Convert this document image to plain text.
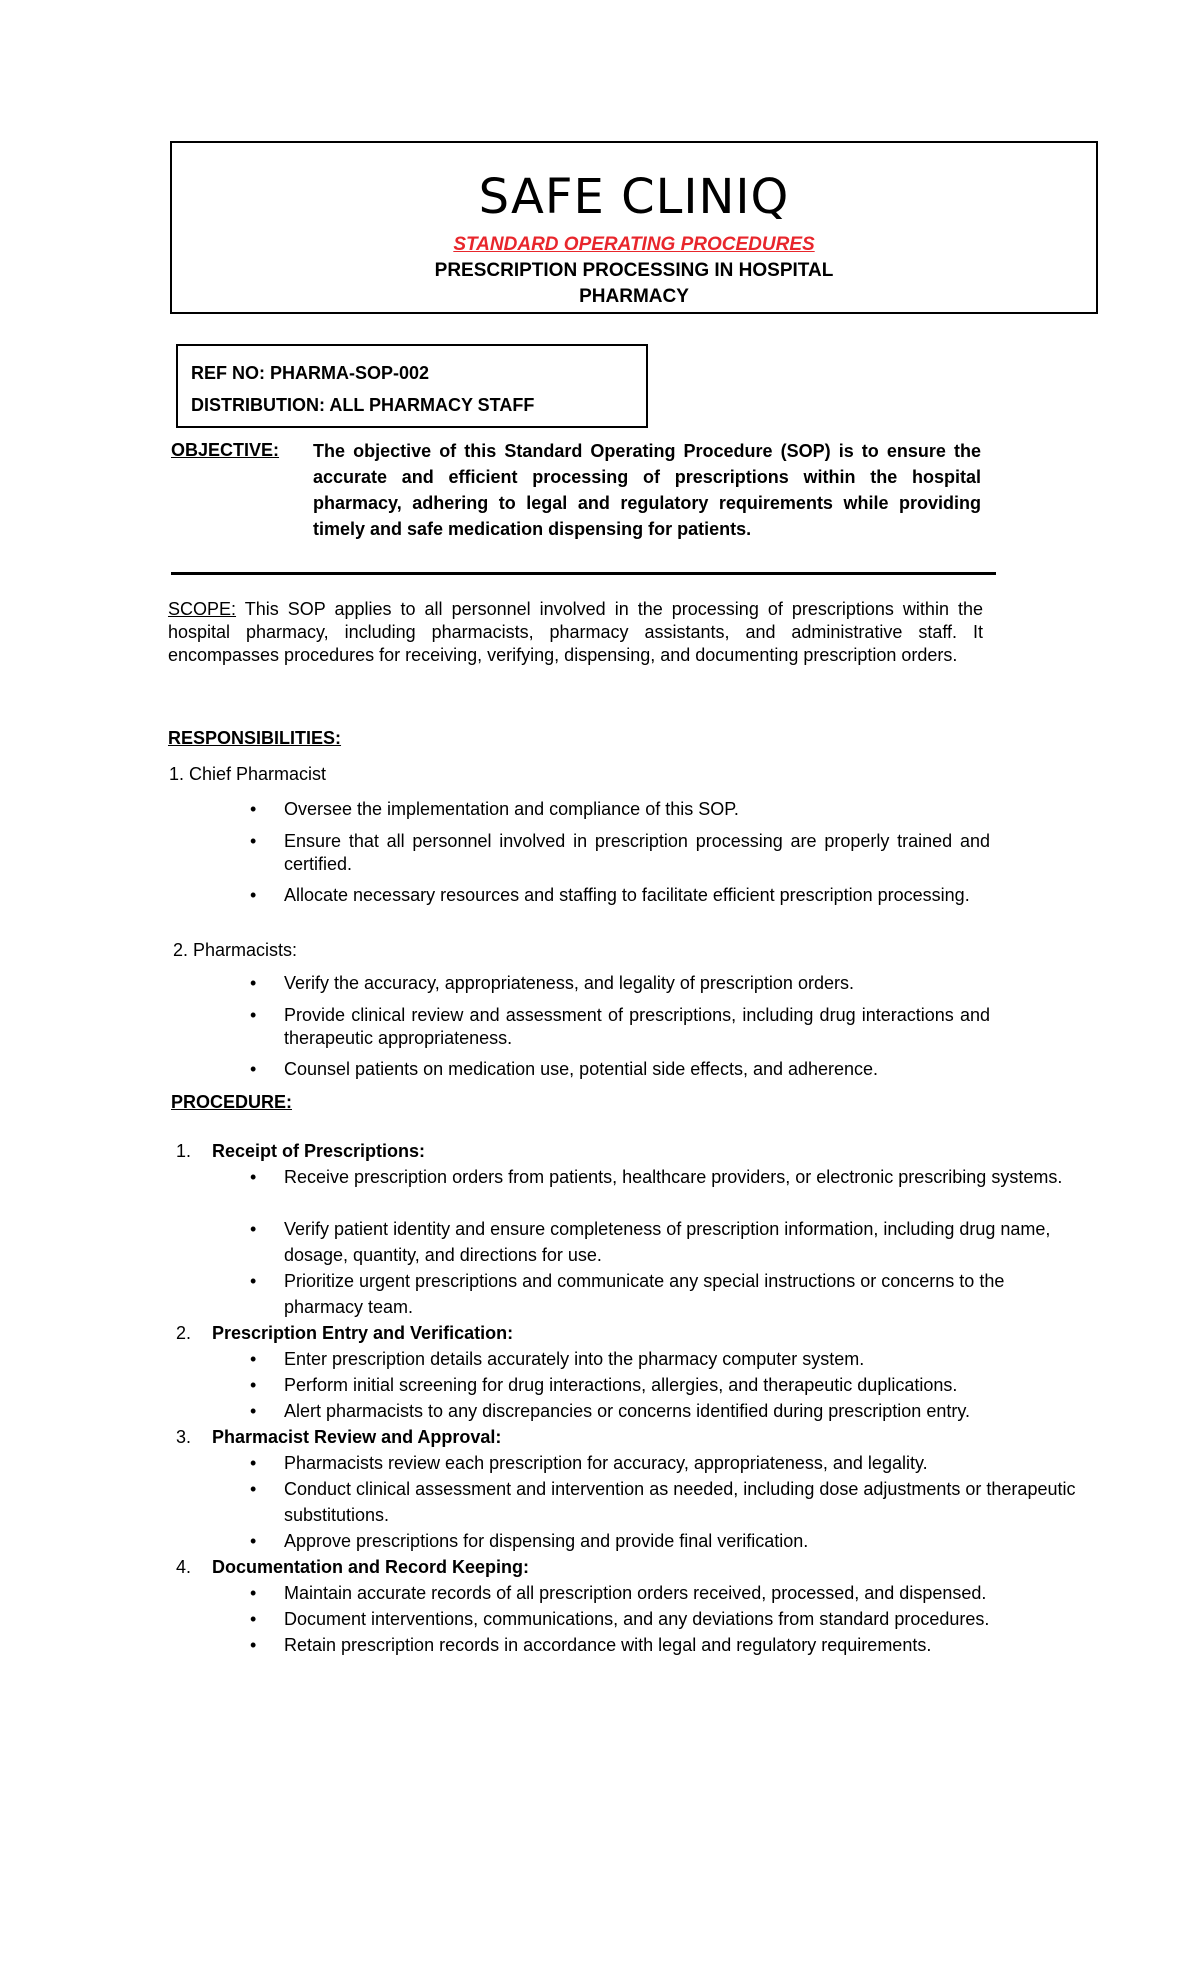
SAFE CLINIQ
STANDARD OPERATING PROCEDURES
PRESCRIPTION PROCESSING IN HOSPITAL
PHARMACY
REF NO: PHARMA-SOP-002
DISTRIBUTION: ALL PHARMACY STAFF
OBJECTIVE: The objective of this Standard Operating Procedure (SOP) is to ensure the accurate and efficient processing of prescriptions within the hospital pharmacy, adhering to legal and regulatory requirements while providing timely and safe medication dispensing for patients.
SCOPE: This SOP applies to all personnel involved in the processing of prescriptions within the hospital pharmacy, including pharmacists, pharmacy assistants, and administrative staff. It encompasses procedures for receiving, verifying, dispensing, and documenting prescription orders.
RESPONSIBILITIES:
1. Chief Pharmacist
• Oversee the implementation and compliance of this SOP.
• Ensure that all personnel involved in prescription processing are properly trained and certified.
• Allocate necessary resources and staffing to facilitate efficient prescription processing.
2. Pharmacists:
• Verify the accuracy, appropriateness, and legality of prescription orders.
• Provide clinical review and assessment of prescriptions, including drug interactions and therapeutic appropriateness.
• Counsel patients on medication use, potential side effects, and adherence.
PROCEDURE:
1. Receipt of Prescriptions:
• Receive prescription orders from patients, healthcare providers, or electronic prescribing systems.
• Verify patient identity and ensure completeness of prescription information, including drug name, dosage, quantity, and directions for use.
• Prioritize urgent prescriptions and communicate any special instructions or concerns to the pharmacy team.
2. Prescription Entry and Verification:
• Enter prescription details accurately into the pharmacy computer system.
• Perform initial screening for drug interactions, allergies, and therapeutic duplications.
• Alert pharmacists to any discrepancies or concerns identified during prescription entry.
3. Pharmacist Review and Approval:
• Pharmacists review each prescription for accuracy, appropriateness, and legality.
• Conduct clinical assessment and intervention as needed, including dose adjustments or therapeutic substitutions.
• Approve prescriptions for dispensing and provide final verification.
4. Documentation and Record Keeping:
• Maintain accurate records of all prescription orders received, processed, and dispensed.
• Document interventions, communications, and any deviations from standard procedures.
• Retain prescription records in accordance with legal and regulatory requirements.
